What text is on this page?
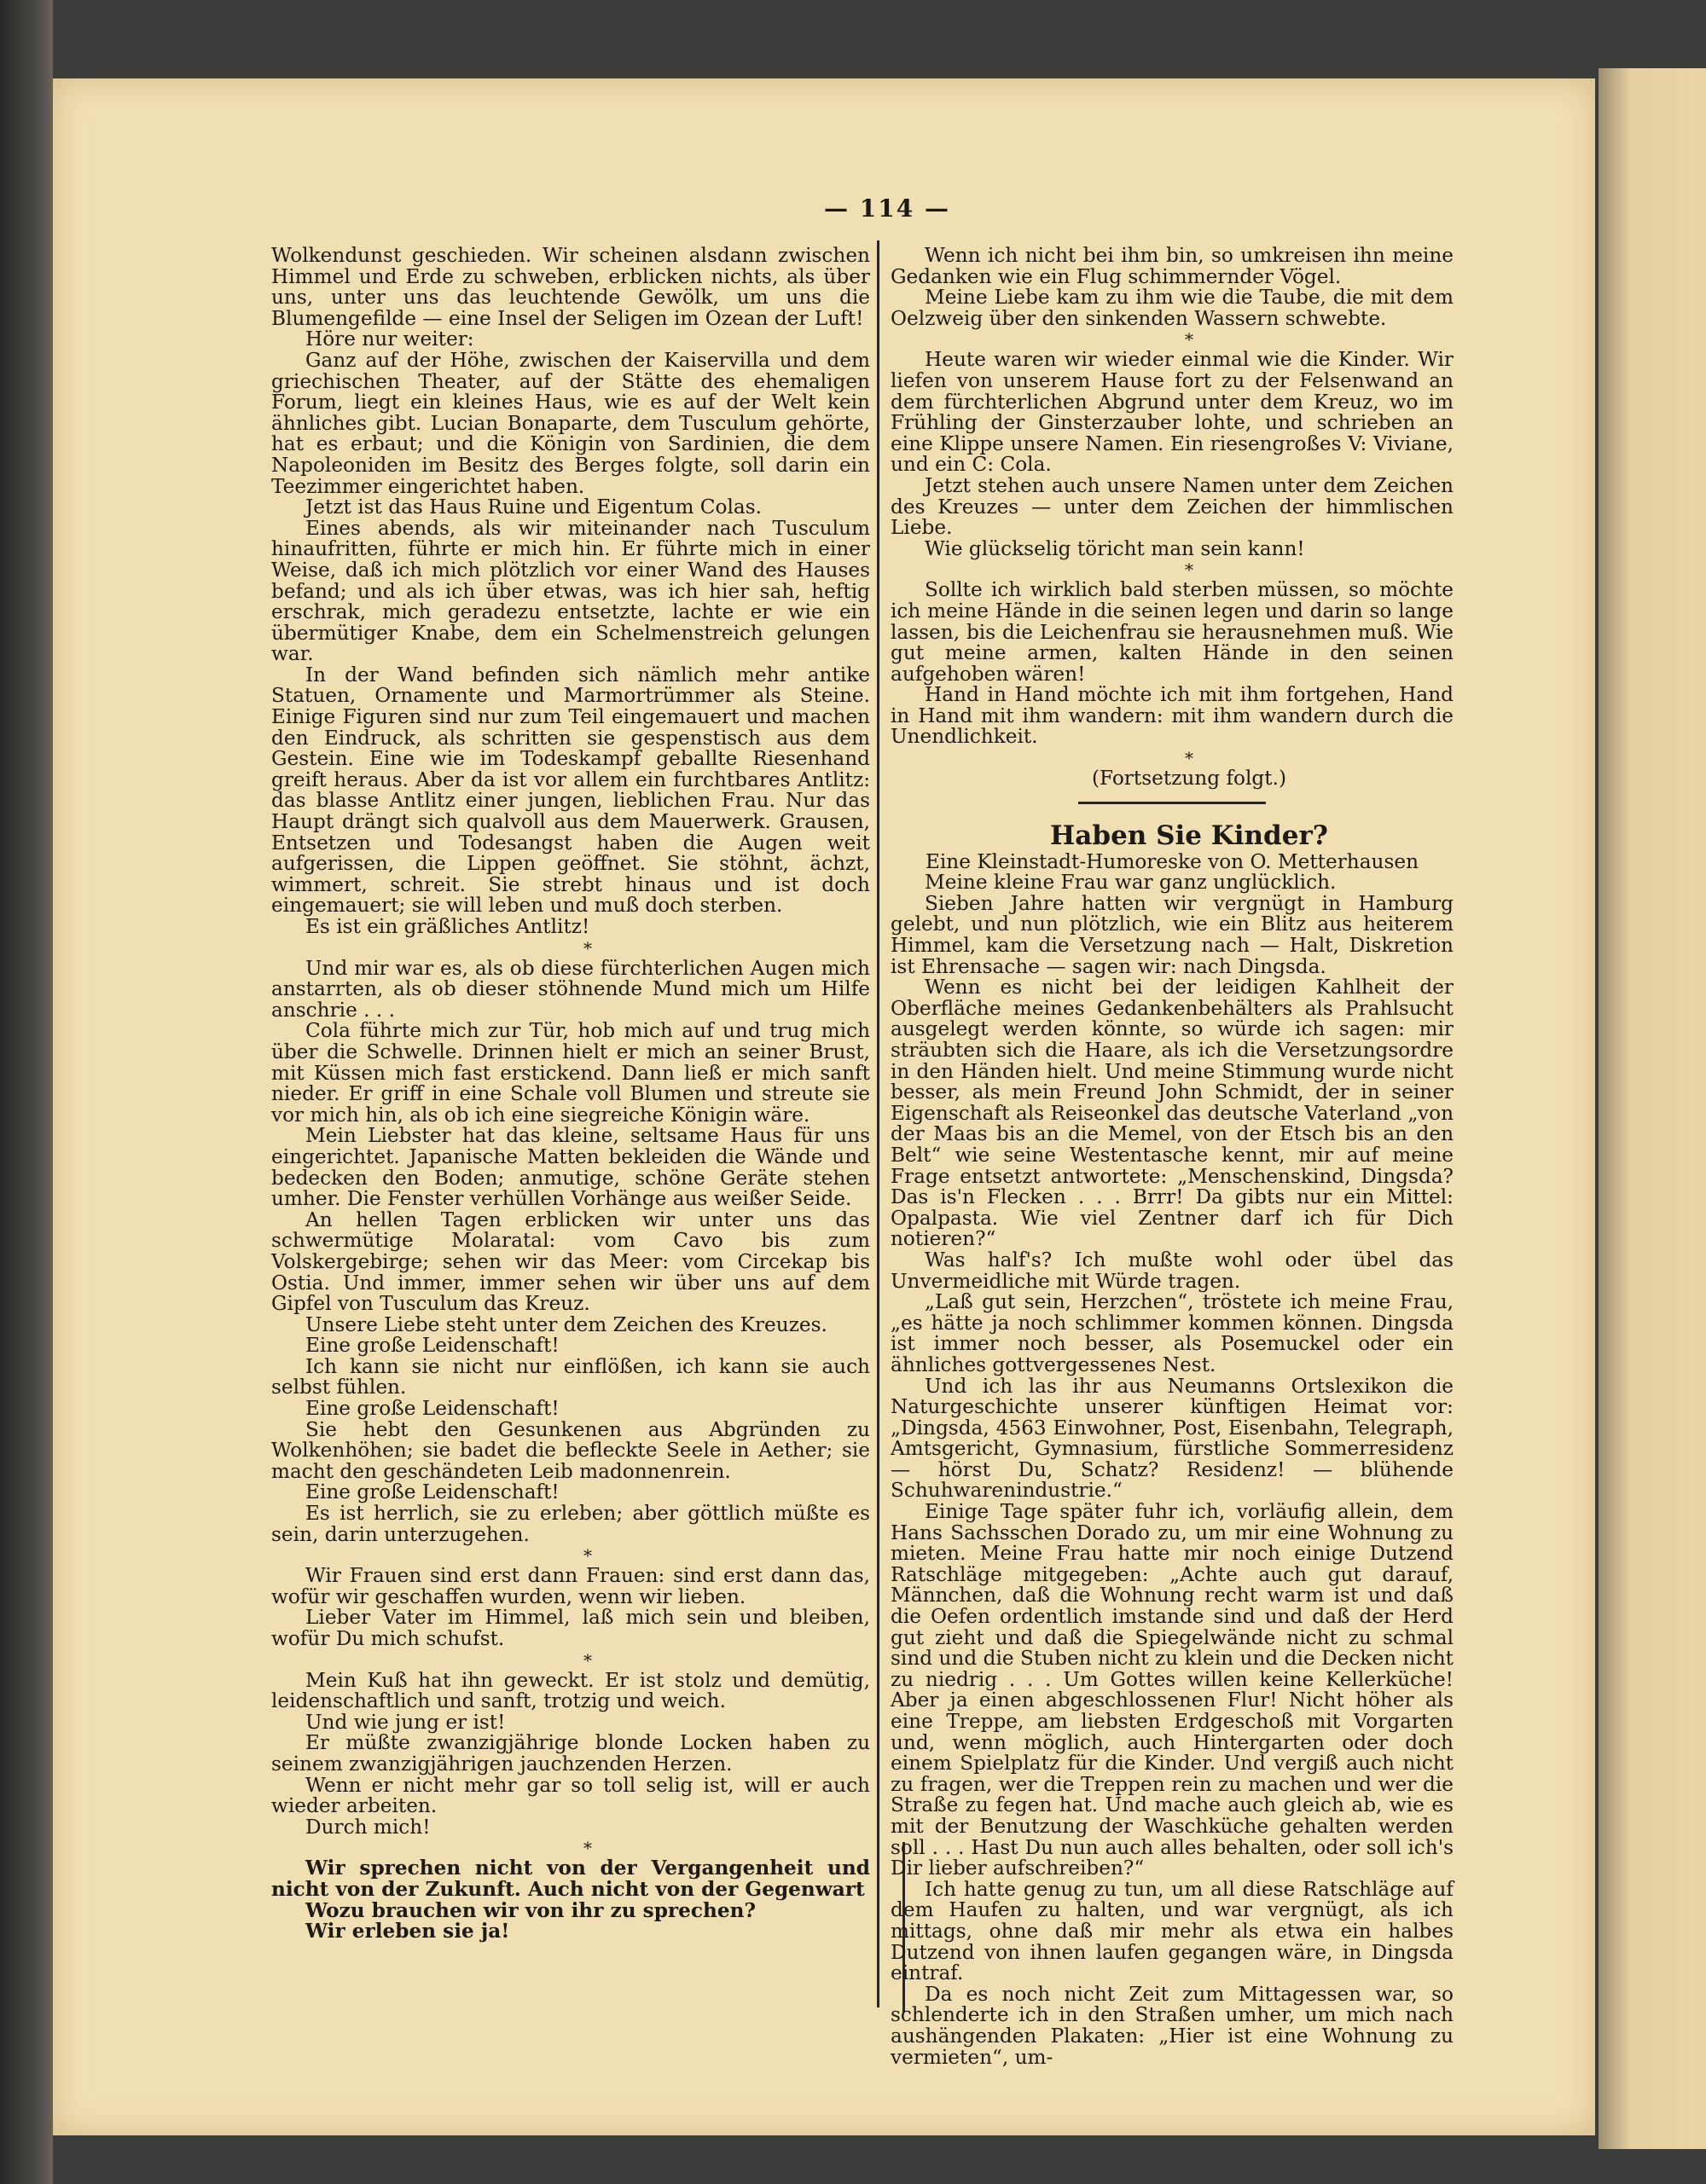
— 114 —

Wolkendunst geschieden. Wir scheinen alsdann zwischen Himmel und Erde zu schweben, erblicken nichts, als über uns, unter uns das leuchtende Gewölk, um uns die Blumengefilde — eine Insel der Seligen im Ozean der Luft!

Höre nur weiter:

Ganz auf der Höhe, zwischen der Kaiservilla und dem griechischen Theater, auf der Stätte des ehemaligen Forum, liegt ein kleines Haus, wie es auf der Welt kein ähnliches gibt. Lucian Bonaparte, dem Tusculum gehörte, hat es erbaut; und die Königin von Sardinien, die dem Napoleoniden im Besitz des Berges folgte, soll darin ein Teezimmer eingerichtet haben.

Jetzt ist das Haus Ruine und Eigentum Colas.

Eines abends, als wir miteinander nach Tusculum hinaufritten, führte er mich hin. Er führte mich in einer Weise, daß ich mich plötzlich vor einer Wand des Hauses befand; und als ich über etwas, was ich hier sah, heftig erschrak, mich geradezu entsetzte, lachte er wie ein übermütiger Knabe, dem ein Schelmenstreich gelungen war.

In der Wand befinden sich nämlich mehr antike Statuen, Ornamente und Marmortrümmer als Steine. Einige Figuren sind nur zum Teil eingemauert und machen den Eindruck, als schritten sie gespenstisch aus dem Gestein. Eine wie im Todeskampf geballte Riesenhand greift heraus. Aber da ist vor allem ein furchtbares Antlitz: das blasse Antlitz einer jungen, lieblichen Frau. Nur das Haupt drängt sich qualvoll aus dem Mauerwerk. Grausen, Entsetzen und Todesangst haben die Augen weit aufgerissen, die Lippen geöffnet. Sie stöhnt, ächzt, wimmert, schreit. Sie strebt hinaus und ist doch eingemauert; sie will leben und muß doch sterben.

Es ist ein gräßliches Antlitz!

*

Und mir war es, als ob diese fürchterlichen Augen mich anstarrten, als ob dieser stöhnende Mund mich um Hilfe anschrie . . .

Cola führte mich zur Tür, hob mich auf und trug mich über die Schwelle. Drinnen hielt er mich an seiner Brust, mit Küssen mich fast erstickend. Dann ließ er mich sanft nieder. Er griff in eine Schale voll Blumen und streute sie vor mich hin, als ob ich eine siegreiche Königin wäre.

Mein Liebster hat das kleine, seltsame Haus für uns eingerichtet. Japanische Matten bekleiden die Wände und bedecken den Boden; anmutige, schöne Geräte stehen umher. Die Fenster verhüllen Vorhänge aus weißer Seide.

An hellen Tagen erblicken wir unter uns das schwermütige Molaratal: vom Cavo bis zum Volskergebirge; sehen wir das Meer: vom Circekap bis Ostia. Und immer, immer sehen wir über uns auf dem Gipfel von Tusculum das Kreuz.

Unsere Liebe steht unter dem Zeichen des Kreuzes.

Eine große Leidenschaft!

Ich kann sie nicht nur einflößen, ich kann sie auch selbst fühlen.

Eine große Leidenschaft!

Sie hebt den Gesunkenen aus Abgründen zu Wolkenhöhen; sie badet die befleckte Seele in Aether; sie macht den geschändeten Leib madonnenrein.

Eine große Leidenschaft!

Es ist herrlich, sie zu erleben; aber göttlich müßte es sein, darin unterzugehen.

*

Wir Frauen sind erst dann Frauen: sind erst dann das, wofür wir geschaffen wurden, wenn wir lieben.

Lieber Vater im Himmel, laß mich sein und bleiben, wofür Du mich schufst.

*

Mein Kuß hat ihn geweckt. Er ist stolz und demütig, leidenschaftlich und sanft, trotzig und weich.

Und wie jung er ist!

Er müßte zwanzigjährige blonde Locken haben zu seinem zwanzigjährigen jauchzenden Herzen.

Wenn er nicht mehr gar so toll selig ist, will er auch wieder arbeiten.

Durch mich!

*

Wir sprechen nicht von der Vergangenheit und nicht von der Zukunft. Auch nicht von der Gegenwart

Wozu brauchen wir von ihr zu sprechen?

Wir erleben sie ja!

Wenn ich nicht bei ihm bin, so umkreisen ihn meine Gedanken wie ein Flug schimmernder Vögel.

Meine Liebe kam zu ihm wie die Taube, die mit dem Oelzweig über den sinkenden Wassern schwebte.

*

Heute waren wir wieder einmal wie die Kinder. Wir liefen von unserem Hause fort zu der Felsenwand an dem fürchterlichen Abgrund unter dem Kreuz, wo im Frühling der Ginsterzauber lohte, und schrieben an eine Klippe unsere Namen. Ein riesengroßes V: Viviane, und ein C: Cola.

Jetzt stehen auch unsere Namen unter dem Zeichen des Kreuzes — unter dem Zeichen der himmlischen Liebe.

Wie glückselig töricht man sein kann!

*

Sollte ich wirklich bald sterben müssen, so möchte ich meine Hände in die seinen legen und darin so lange lassen, bis die Leichenfrau sie herausnehmen muß. Wie gut meine armen, kalten Hände in den seinen aufgehoben wären!

Hand in Hand möchte ich mit ihm fortgehen, Hand in Hand mit ihm wandern: mit ihm wandern durch die Unendlichkeit.

*

(Fortsetzung folgt.)

Haben Sie Kinder?

Eine Kleinstadt-Humoreske von O. Metterhausen

Meine kleine Frau war ganz unglücklich.

Sieben Jahre hatten wir vergnügt in Hamburg gelebt, und nun plötzlich, wie ein Blitz aus heiterem Himmel, kam die Versetzung nach — Halt, Diskretion ist Ehrensache — sagen wir: nach Dingsda.

Wenn es nicht bei der leidigen Kahlheit der Oberfläche meines Gedankenbehälters als Prahlsucht ausgelegt werden könnte, so würde ich sagen: mir sträubten sich die Haare, als ich die Versetzungsordre in den Händen hielt. Und meine Stimmung wurde nicht besser, als mein Freund John Schmidt, der in seiner Eigenschaft als Reiseonkel das deutsche Vaterland „von der Maas bis an die Memel, von der Etsch bis an den Belt“ wie seine Westentasche kennt, mir auf meine Frage entsetzt antwortete: „Menschenskind, Dingsda? Das is'n Flecken . . . Brrr! Da gibts nur ein Mittel: Opalpasta. Wie viel Zentner darf ich für Dich notieren?“

Was half's? Ich mußte wohl oder übel das Unvermeidliche mit Würde tragen.

„Laß gut sein, Herzchen“, tröstete ich meine Frau, „es hätte ja noch schlimmer kommen können. Dingsda ist immer noch besser, als Posemuckel oder ein ähnliches gottvergessenes Nest.

Und ich las ihr aus Neumanns Ortslexikon die Naturgeschichte unserer künftigen Heimat vor: „Dingsda, 4563 Einwohner, Post, Eisenbahn, Telegraph, Amtsgericht, Gymnasium, fürstliche Sommerresidenz — hörst Du, Schatz? Residenz! — blühende Schuhwarenindustrie.“

Einige Tage später fuhr ich, vorläufig allein, dem Hans Sachsschen Dorado zu, um mir eine Wohnung zu mieten. Meine Frau hatte mir noch einige Dutzend Ratschläge mitgegeben: „Achte auch gut darauf, Männchen, daß die Wohnung recht warm ist und daß die Oefen ordentlich imstande sind und daß der Herd gut zieht und daß die Spiegelwände nicht zu schmal sind und die Stuben nicht zu klein und die Decken nicht zu niedrig . . . Um Gottes willen keine Kellerküche! Aber ja einen abgeschlossenen Flur! Nicht höher als eine Treppe, am liebsten Erdgeschoß mit Vorgarten und, wenn möglich, auch Hintergarten oder doch einem Spielplatz für die Kinder. Und vergiß auch nicht zu fragen, wer die Treppen rein zu machen und wer die Straße zu fegen hat. Und mache auch gleich ab, wie es mit der Benutzung der Waschküche gehalten werden soll . . . Hast Du nun auch alles behalten, oder soll ich's Dir lieber aufschreiben?“

Ich hatte genug zu tun, um all diese Ratschläge auf dem Haufen zu halten, und war vergnügt, als ich mittags, ohne daß mir mehr als etwa ein halbes Dutzend von ihnen laufen gegangen wäre, in Dingsda eintraf.

Da es noch nicht Zeit zum Mittagessen war, so schlenderte ich in den Straßen umher, um mich nach aushängenden Plakaten: „Hier ist eine Wohnung zu vermieten“, um-
